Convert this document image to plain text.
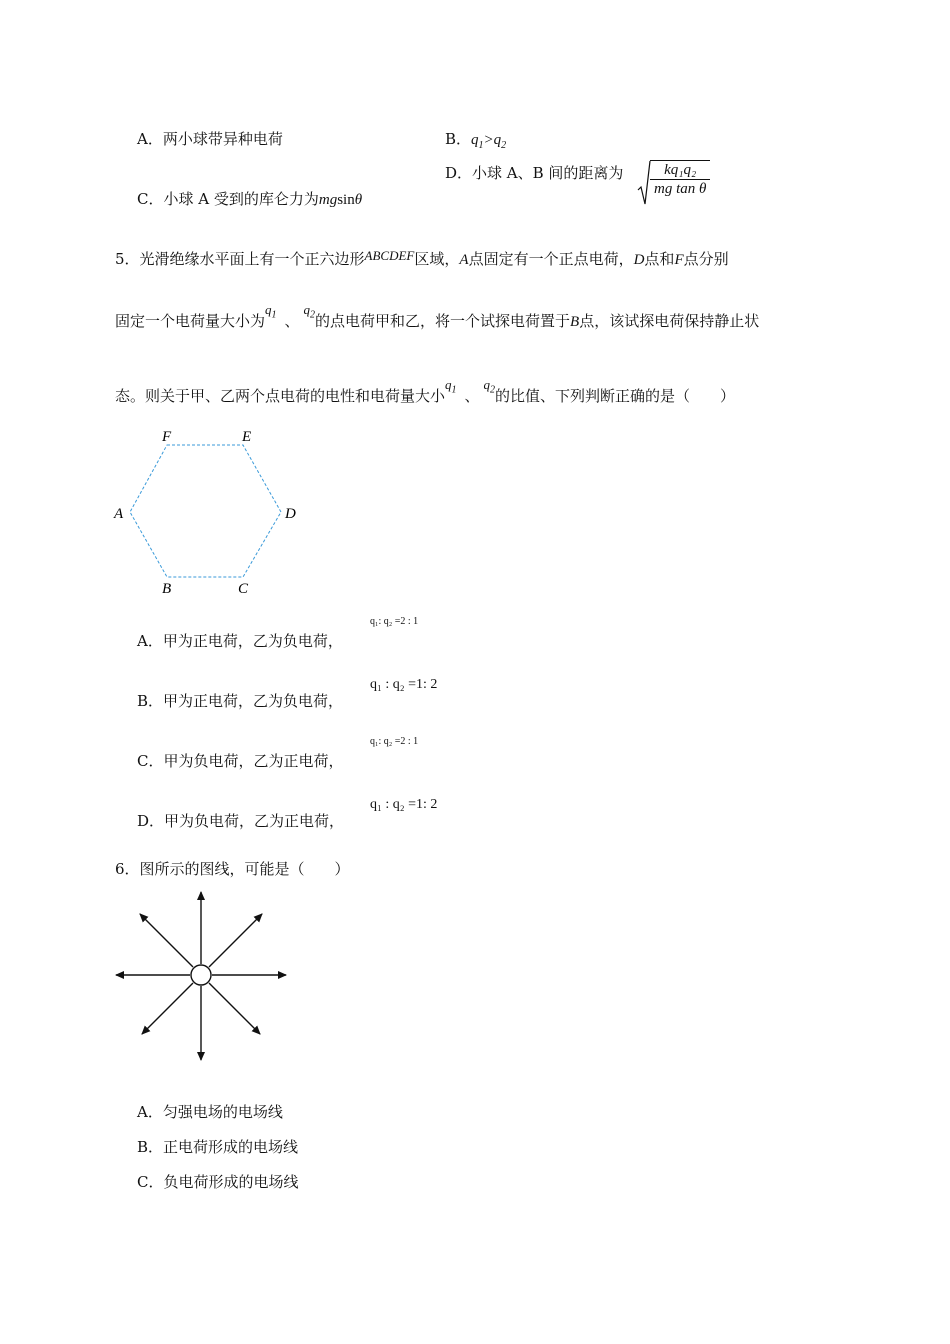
A．两小球带异种电荷	B．$q_1>q_2$
C．小球 A 受到的库仑力为mgsinθ
D．小球 A、B 间的距离为 $\frac{\text{kq₁q₂}}{\text{mg tan θ}}$
5．光滑绝缘水平面上有一个正六边形ABCDEF区域，A点固定有一个正点电荷，D点和F点分别
固定一个电荷量大小为$q_1$ 、$q_2$的点电荷甲和乙，将一个试探电荷置于B点，该试探电荷保持静止状
态。则关于甲、乙两个点电荷的电性和电荷量大小$q_1$ 、$q_2$的比值、下列判断正确的是（　　）
F	E
A	D
B	C
A．甲为正电荷，乙为负电荷，
q₁: q₂ =2 : 1
B．甲为正电荷，乙为负电荷，
q₁ : q₂ =1: 2
C．甲为负电荷，乙为正电荷，
q₁: q₂ =2 : 1
D．甲为负电荷，乙为正电荷，
q₁ : q₂ =1: 2
6．图所示的图线，可能是（　　）
A．匀强电场的电场线
B．正电荷形成的电场线
C．负电荷形成的电场线
